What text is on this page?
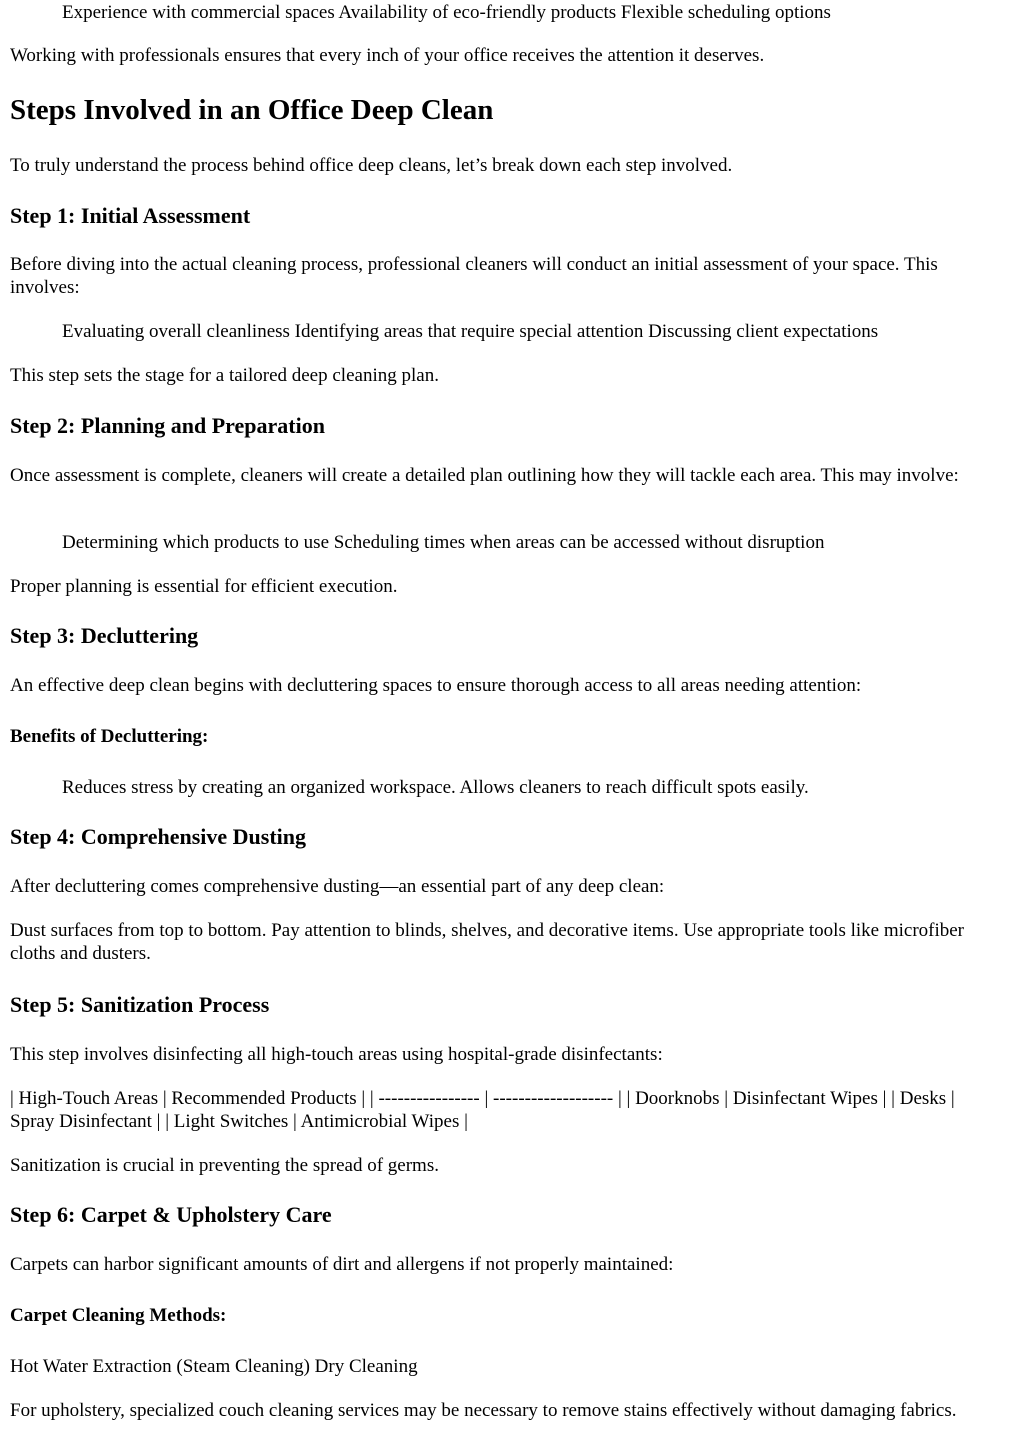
Experience with commercial spaces Availability of eco-friendly products Flexible scheduling options

Working with professionals ensures that every inch of your office receives the attention it deserves.

Steps Involved in an Office Deep Clean

To truly understand the process behind office deep cleans, let’s break down each step involved.

Step 1: Initial Assessment

Before diving into the actual cleaning process, professional cleaners will conduct an initial assessment of your space. This involves:

Evaluating overall cleanliness Identifying areas that require special attention Discussing client expectations

This step sets the stage for a tailored deep cleaning plan.

Step 2: Planning and Preparation

Once assessment is complete, cleaners will create a detailed plan outlining how they will tackle each area. This may involve:

Determining which products to use Scheduling times when areas can be accessed without disruption

Proper planning is essential for efficient execution.

Step 3: Decluttering

An effective deep clean begins with decluttering spaces to ensure thorough access to all areas needing attention:

Benefits of Decluttering:

Reduces stress by creating an organized workspace. Allows cleaners to reach difficult spots easily.

Step 4: Comprehensive Dusting

After decluttering comes comprehensive dusting—an essential part of any deep clean:

Dust surfaces from top to bottom. Pay attention to blinds, shelves, and decorative items. Use appropriate tools like microfiber cloths and dusters.

Step 5: Sanitization Process

This step involves disinfecting all high-touch areas using hospital-grade disinfectants:

| High-Touch Areas | Recommended Products | | ---------------- | ------------------- | | Doorknobs | Disinfectant Wipes | | Desks | Spray Disinfectant | | Light Switches | Antimicrobial Wipes |

Sanitization is crucial in preventing the spread of germs.

Step 6: Carpet & Upholstery Care

Carpets can harbor significant amounts of dirt and allergens if not properly maintained:

Carpet Cleaning Methods:

Hot Water Extraction (Steam Cleaning) Dry Cleaning

For upholstery, specialized couch cleaning services may be necessary to remove stains effectively without damaging fabrics.
